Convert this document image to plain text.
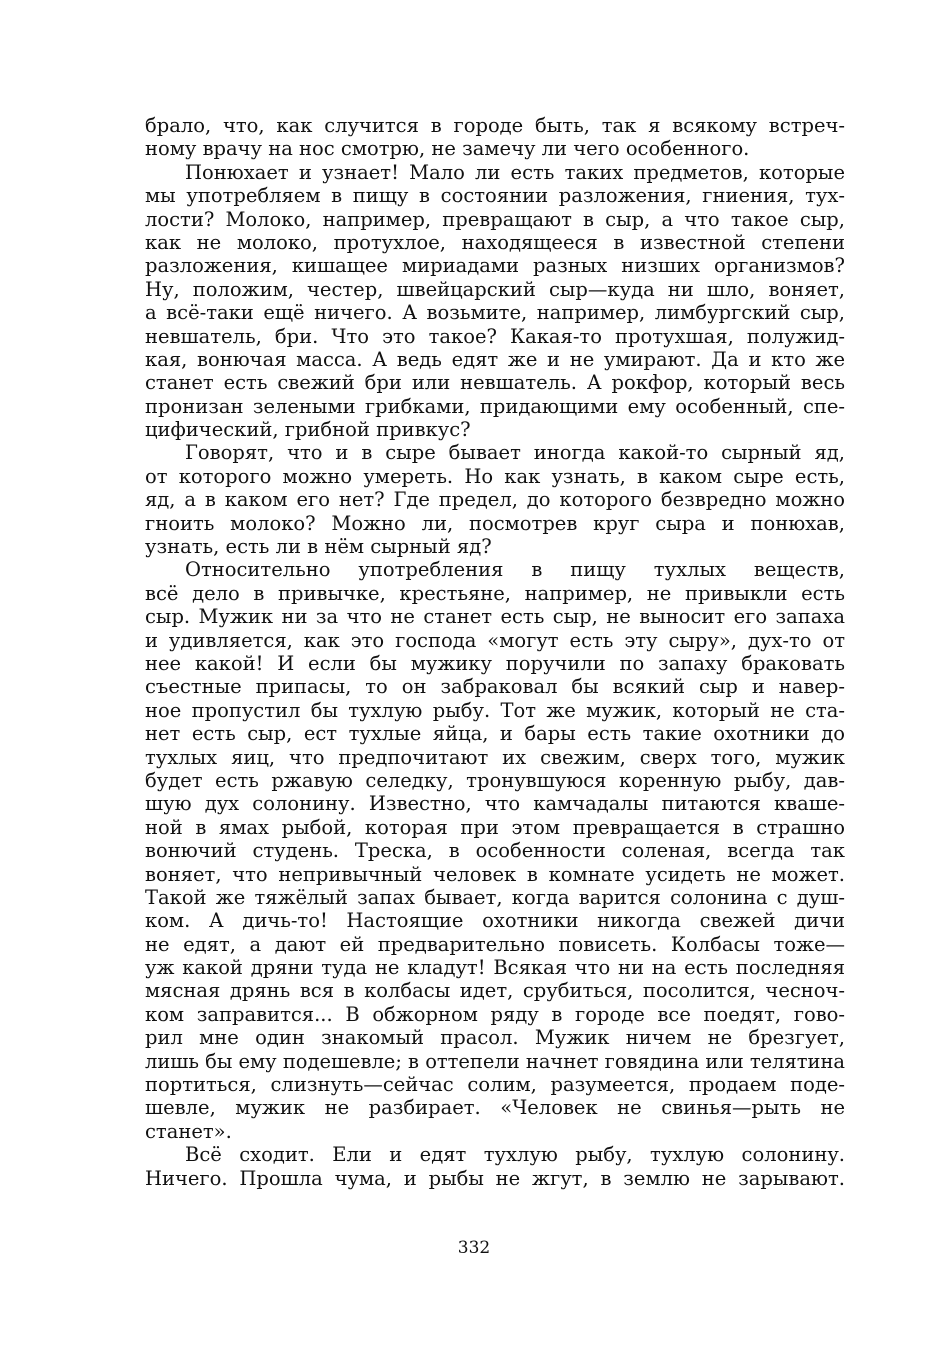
брало, что, как случится в городе быть, так я всякому встреч-
ному врачу на нос смотрю, не замечу ли чего особенного.
Понюхает и узнает! Мало ли есть таких предметов, которые
мы употребляем в пищу в состоянии разложения, гниения, тух-
лости? Молоко, например, превращают в сыр, а что такое сыр,
как не молоко, протухлое, находящееся в известной степени
разложения, кишащее мириадами разных низших организмов?
Ну, положим, честер, швейцарский сыр—куда ни шло, воняет,
а всё-таки ещё ничего. А возьмите, например, лимбургский сыр,
невшатель, бри. Что это такое? Какая-то протухшая, полужид-
кая, вонючая масса. А ведь едят же и не умирают. Да и кто же
станет есть свежий бри или невшатель. А рокфор, который весь
пронизан зелеными грибками, придающими ему особенный, спе-
цифический, грибной привкус?
Говорят, что и в сыре бывает иногда какой-то сырный яд,
от которого можно умереть. Но как узнать, в каком сыре есть,
яд, а в каком его нет? Где предел, до которого безвредно можно
гноить молоко? Можно ли, посмотрев круг сыра и понюхав,
узнать, есть ли в нём сырный яд?
Относительно употребления в пищу тухлых веществ,
всё дело в привычке, крестьяне, например, не привыкли есть
сыр. Мужик ни за что не станет есть сыр, не выносит его запаха
и удивляется, как это господа «могут есть эту сыру», дух-то от
нее какой! И если бы мужику поручили по запаху браковать
съестные припасы, то он забраковал бы всякий сыр и навер-
ное пропустил бы тухлую рыбу. Тот же мужик, который не ста-
нет есть сыр, ест тухлые яйца, и бары есть такие охотники до
тухлых яиц, что предпочитают их свежим, сверх того, мужик
будет есть ржавую селедку, тронувшуюся коренную рыбу, дав-
шую дух солонину. Известно, что камчадалы питаются кваше-
ной в ямах рыбой, которая при этом превращается в страшно
вонючий студень. Треска, в особенности соленая, всегда так
воняет, что непривычный человек в комнате усидеть не может.
Такой же тяжёлый запах бывает, когда варится солонина с душ-
ком. А дичь-то! Настоящие охотники никогда свежей дичи
не едят, а дают ей предварительно повисеть. Колбасы тоже—
уж какой дряни туда не кладут! Всякая что ни на есть последняя
мясная дрянь вся в колбасы идет, срубиться, посолится, чесноч-
ком заправится... В обжорном ряду в городе все поедят, гово-
рил мне один знакомый прасол. Мужик ничем не брезгует,
лишь бы ему подешевле; в оттепели начнет говядина или телятина
портиться, слизнуть—сейчас солим, разумеется, продаем поде-
шевле, мужик не разбирает. «Человек не свинья—рыть не
станет».
Всё сходит. Ели и едят тухлую рыбу, тухлую солонину.
Ничего. Прошла чума, и рыбы не жгут, в землю не зарывают.
332
